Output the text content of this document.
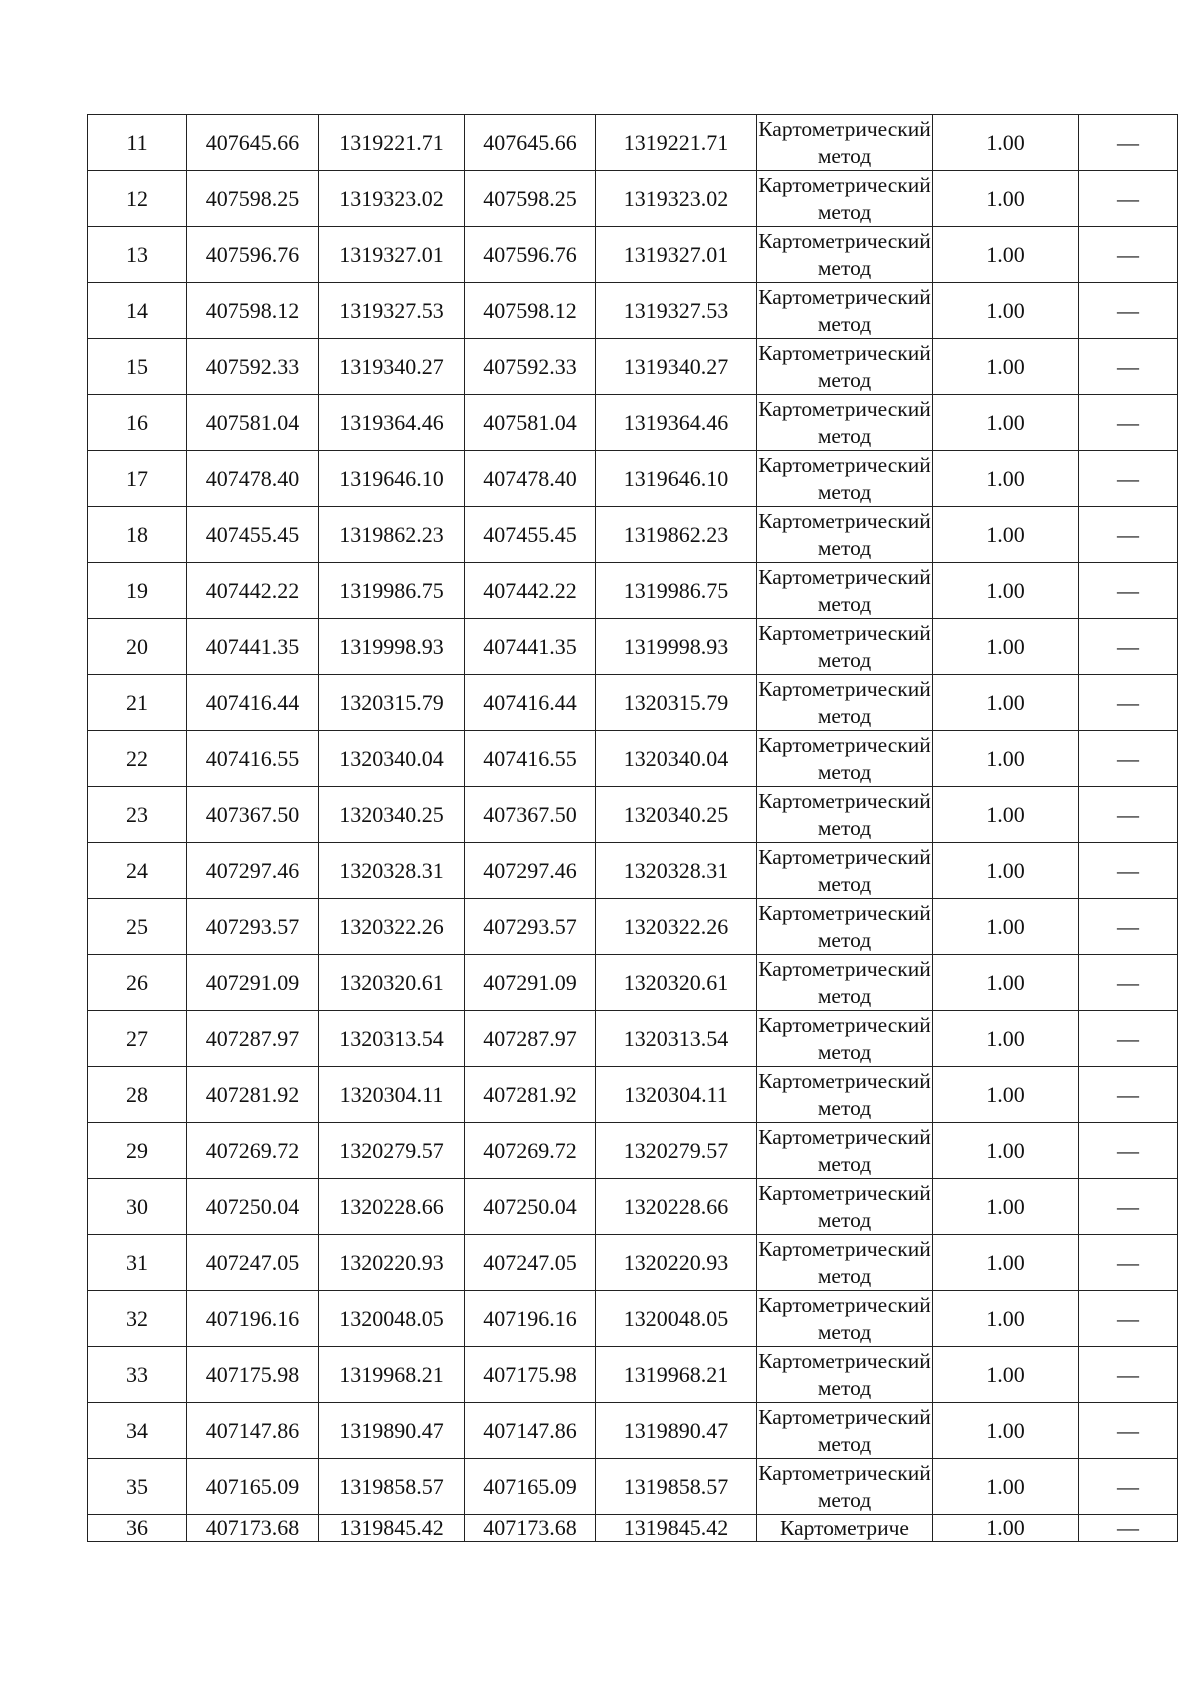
11	407645.66	1319221.71	407645.66	1319221.71	Картометрический метод	1.00	—
12	407598.25	1319323.02	407598.25	1319323.02	Картометрический метод	1.00	—
13	407596.76	1319327.01	407596.76	1319327.01	Картометрический метод	1.00	—
14	407598.12	1319327.53	407598.12	1319327.53	Картометрический метод	1.00	—
15	407592.33	1319340.27	407592.33	1319340.27	Картометрический метод	1.00	—
16	407581.04	1319364.46	407581.04	1319364.46	Картометрический метод	1.00	—
17	407478.40	1319646.10	407478.40	1319646.10	Картометрический метод	1.00	—
18	407455.45	1319862.23	407455.45	1319862.23	Картометрический метод	1.00	—
19	407442.22	1319986.75	407442.22	1319986.75	Картометрический метод	1.00	—
20	407441.35	1319998.93	407441.35	1319998.93	Картометрический метод	1.00	—
21	407416.44	1320315.79	407416.44	1320315.79	Картометрический метод	1.00	—
22	407416.55	1320340.04	407416.55	1320340.04	Картометрический метод	1.00	—
23	407367.50	1320340.25	407367.50	1320340.25	Картометрический метод	1.00	—
24	407297.46	1320328.31	407297.46	1320328.31	Картометрический метод	1.00	—
25	407293.57	1320322.26	407293.57	1320322.26	Картометрический метод	1.00	—
26	407291.09	1320320.61	407291.09	1320320.61	Картометрический метод	1.00	—
27	407287.97	1320313.54	407287.97	1320313.54	Картометрический метод	1.00	—
28	407281.92	1320304.11	407281.92	1320304.11	Картометрический метод	1.00	—
29	407269.72	1320279.57	407269.72	1320279.57	Картометрический метод	1.00	—
30	407250.04	1320228.66	407250.04	1320228.66	Картометрический метод	1.00	—
31	407247.05	1320220.93	407247.05	1320220.93	Картометрический метод	1.00	—
32	407196.16	1320048.05	407196.16	1320048.05	Картометрический метод	1.00	—
33	407175.98	1319968.21	407175.98	1319968.21	Картометрический метод	1.00	—
34	407147.86	1319890.47	407147.86	1319890.47	Картометрический метод	1.00	—
35	407165.09	1319858.57	407165.09	1319858.57	Картометрический метод	1.00	—
36	407173.68	1319845.42	407173.68	1319845.42	Картометриче	1.00	—
